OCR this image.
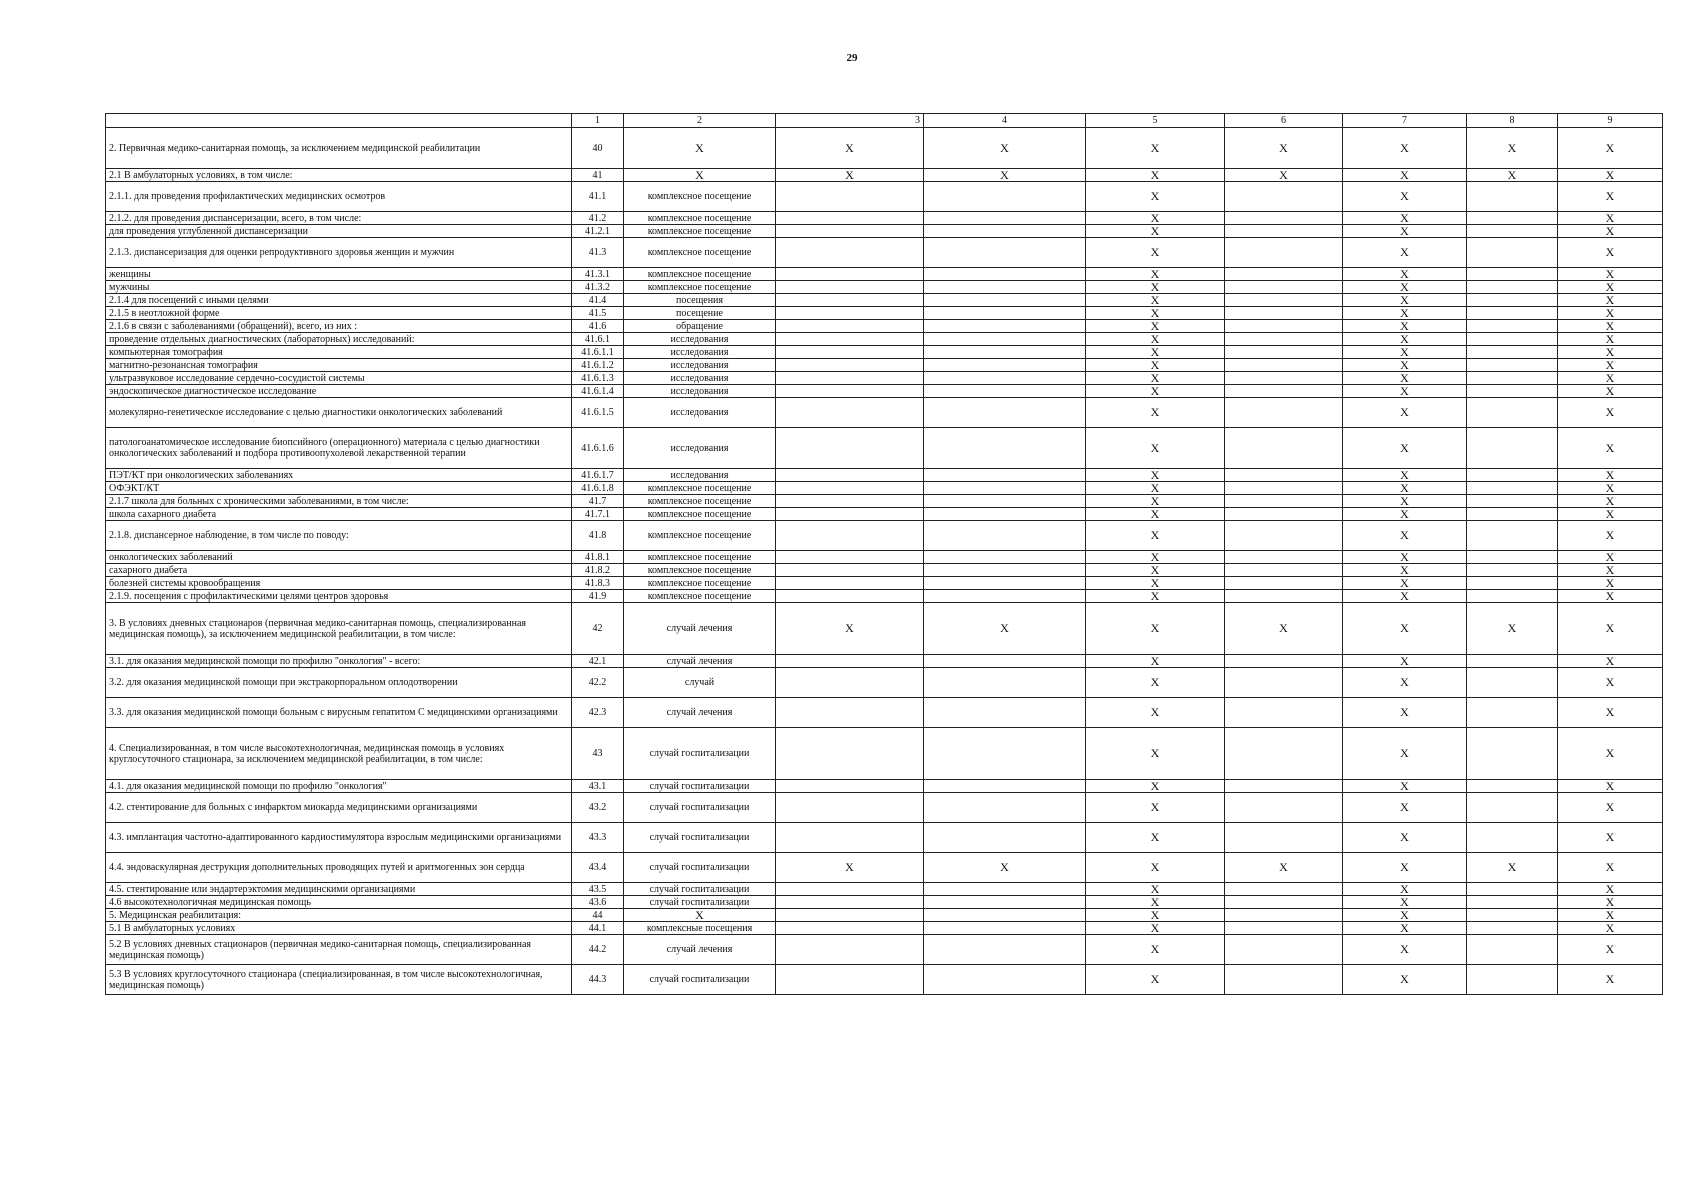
29
	1	2	3	4	5	6	7	8	9
2. Первичная медико-санитарная помощь, за исключением медицинской реабилитации	40	X	X	X	X	X	X	X	X
2.1 В амбулаторных условиях, в том числе:	41	X	X	X	X	X	X	X	X
2.1.1. для проведения профилактических медицинских осмотров	41.1	комплексное посещение			X		X		X
2.1.2. для проведения диспансеризации, всего, в том числе:	41.2	комплексное посещение			X		X		X
для проведения углубленной диспансеризации	41.2.1	комплексное посещение			X		X		X
2.1.3. диспансеризация для оценки репродуктивного здоровья женщин и мужчин	41.3	комплексное посещение			X		X		X
женщины	41.3.1	комплексное посещение			X		X		X
мужчины	41.3.2	комплексное посещение			X		X		X
2.1.4 для посещений с иными целями	41.4	посещения			X		X		X
2.1.5 в неотложной форме	41.5	посещение			X		X		X
2.1.6 в связи с заболеваниями (обращений), всего, из них :	41.6	обращение			X		X		X
проведение отдельных диагностических (лабораторных) исследований:	41.6.1	исследования			X		X		X
компьютерная томография	41.6.1.1	исследования			X		X		X
магнитно-резонансная томография	41.6.1.2	исследования			X		X		X
ультразвуковое исследование сердечно-сосудистой системы	41.6.1.3	исследования			X		X		X
эндоскопическое диагностическое исследование	41.6.1.4	исследования			X		X		X
молекулярно-генетическое исследование с целью диагностики онкологических заболеваний	41.6.1.5	исследования			X		X		X
патологоанатомическое исследование биопсийного (операционного) материала с целью диагностики онкологических заболеваний и подбора противоопухолевой лекарственной терапии	41.6.1.6	исследования			X		X		X
ПЭТ/КТ при онкологических заболеваниях	41.6.1.7	исследования			X		X		X
ОФЭКТ/КТ	41.6.1.8	комплексное посещение			X		X		X
2.1.7 школа для больных с хроническими заболеваниями, в том числе:	41.7	комплексное посещение			X		X		X
школа сахарного диабета	41.7.1	комплексное посещение			X		X		X
2.1.8. диспансерное наблюдение, в том числе по поводу:	41.8	комплексное посещение			X		X		X
онкологических заболеваний	41.8.1	комплексное посещение			X		X		X
сахарного диабета	41.8.2	комплексное посещение			X		X		X
болезней системы кровообращения	41.8.3	комплексное посещение			X		X		X
2.1.9. посещения с профилактическими целями центров здоровья	41.9	комплексное посещение			X		X		X
3. В условиях дневных стационаров (первичная медико-санитарная помощь, специализированная медицинская помощь), за исключением медицинской реабилитации, в том числе:	42	случай лечения	X	X	X	X	X	X	X
3.1. для оказания медицинской помощи по профилю "онкология" - всего:	42.1	случай лечения			X		X		X
3.2. для оказания медицинской помощи при экстракорпоральном оплодотворении	42.2	случай			X		X		X
3.3. для оказания медицинской помощи больным с вирусным гепатитом С медицинскими организациями	42.3	случай лечения			X		X		X
4. Специализированная, в том числе высокотехнологичная, медицинская помощь в условиях круглосуточного стационара, за исключением медицинской реабилитации, в том числе:	43	случай госпитализации			X		X		X
4.1. для оказания медицинской помощи по профилю "онкология"	43.1	случай госпитализации			X		X		X
4.2. стентирование для больных с инфарктом миокарда медицинскими организациями	43.2	случай госпитализации			X		X		X
4.3. имплантация частотно-адаптированного кардиостимулятора взрослым медицинскими организациями	43.3	случай госпитализации			X		X		X
4.4. эндоваскулярная деструкция дополнительных проводящих путей и аритмогенных зон сердца	43.4	случай госпитализации	X	X	X	X	X	X	X
4.5. стентирование или эндартерэктомия медицинскими организациями	43.5	случай госпитализации			X		X		X
4.6 высокотехнологичная медицинская помощь	43.6	случай госпитализации			X		X		X
5. Медицинская реабилитация:	44	X			X		X		X
5.1 В амбулаторных условиях	44.1	комплексные посещения			X		X		X
5.2 В условиях дневных стационаров (первичная медико-санитарная помощь, специализированная медицинская помощь)	44.2	случай лечения			X		X		X
5.3 В условиях круглосуточного стационара (специализированная, в том числе высокотехнологичная, медицинская помощь)	44.3	случай госпитализации			X		X		X
